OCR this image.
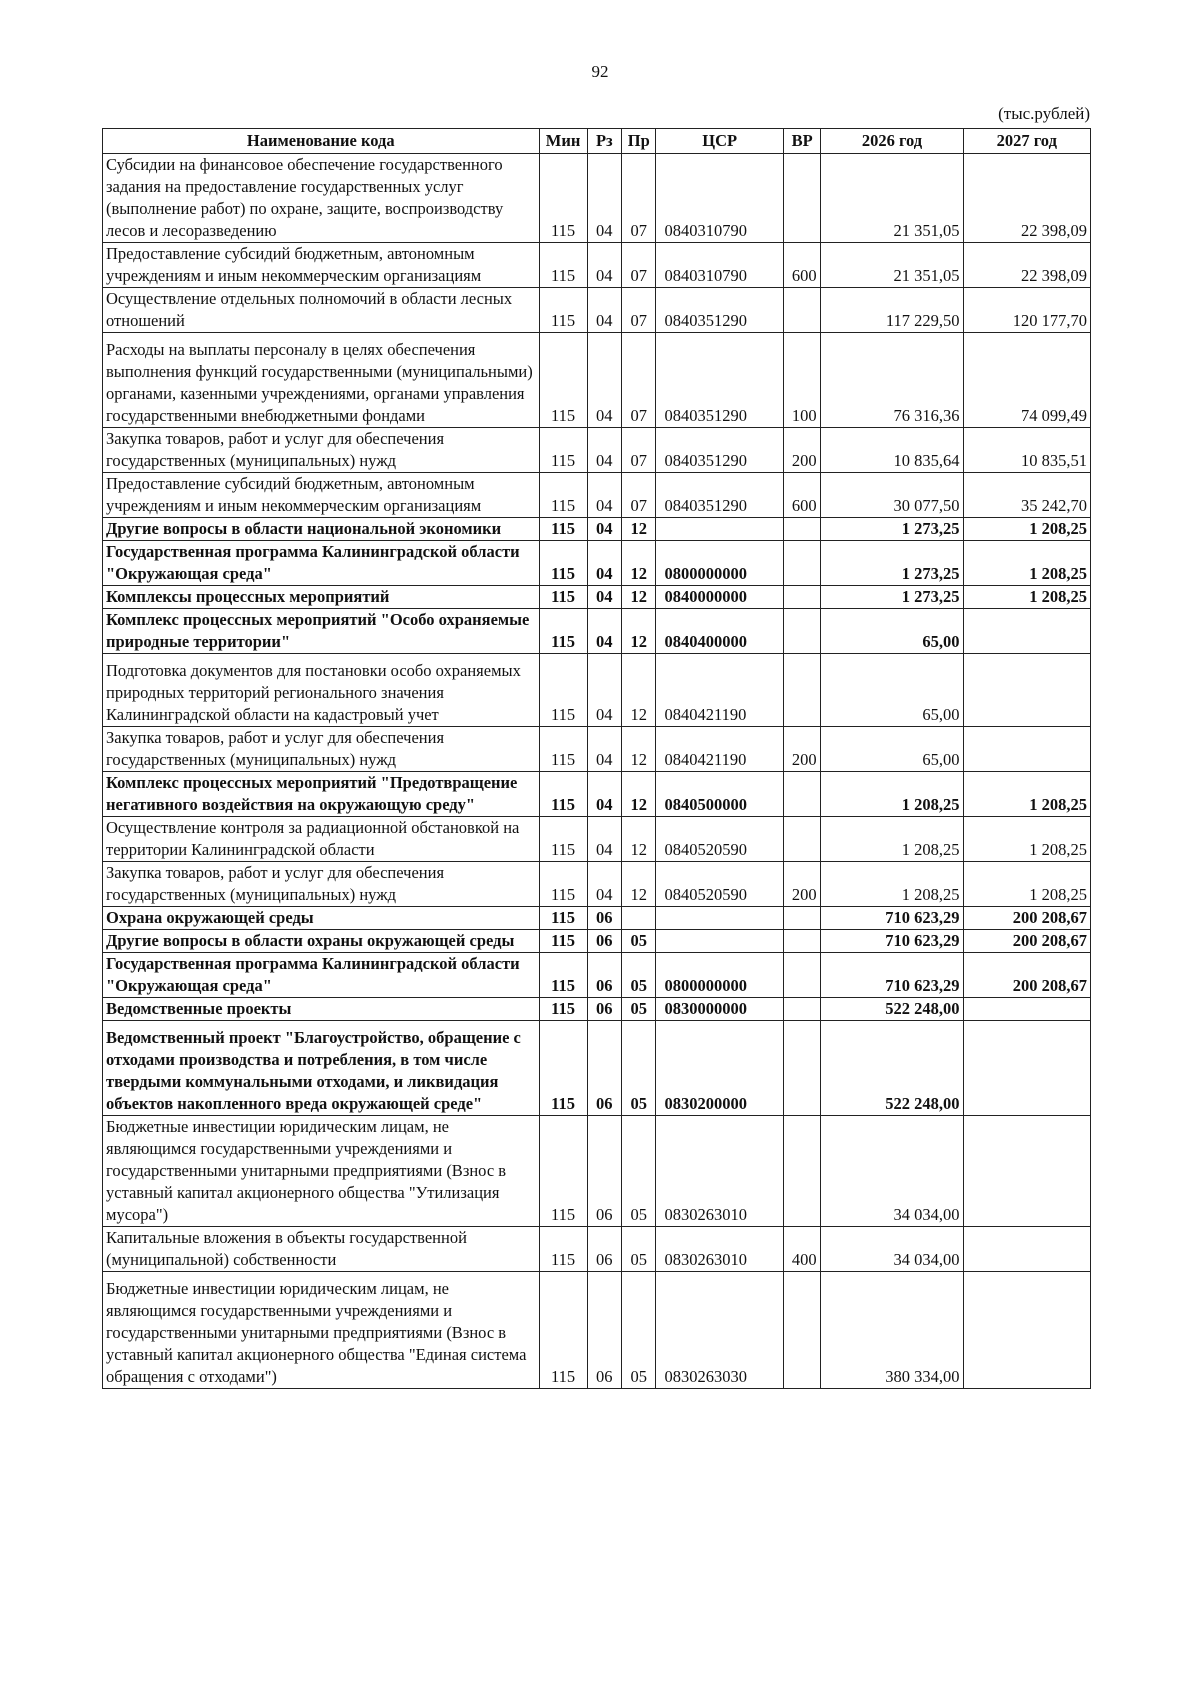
92
(тыс.рублей)
Наименование кода	Мин	Рз	Пр	ЦСР	ВР	2026 год	2027 год
Субсидии на финансовое обеспечение государственного задания на предоставление государственных услуг (выполнение работ) по охране, защите, воспроизводству лесов и лесоразведению	115	04	07	0840310790		21 351,05	22 398,09
Предоставление субсидий бюджетным, автономным учреждениям и иным некоммерческим организациям	115	04	07	0840310790	600	21 351,05	22 398,09
Осуществление отдельных полномочий в области лесных отношений	115	04	07	0840351290		117 229,50	120 177,70
Расходы на выплаты персоналу в целях обеспечения выполнения функций государственными (муниципальными) органами, казенными учреждениями, органами управления государственными внебюджетными фондами	115	04	07	0840351290	100	76 316,36	74 099,49
Закупка товаров, работ и услуг для обеспечения государственных (муниципальных) нужд	115	04	07	0840351290	200	10 835,64	10 835,51
Предоставление субсидий бюджетным, автономным учреждениям и иным некоммерческим организациям	115	04	07	0840351290	600	30 077,50	35 242,70
Другие вопросы в области национальной экономики	115	04	12			1 273,25	1 208,25
Государственная программа Калининградской области "Окружающая среда"	115	04	12	0800000000		1 273,25	1 208,25
Комплексы процессных мероприятий	115	04	12	0840000000		1 273,25	1 208,25
Комплекс процессных мероприятий "Особо охраняемые природные территории"	115	04	12	0840400000		65,00	
Подготовка документов для постановки особо охраняемых природных территорий регионального значения Калининградской области на кадастровый учет	115	04	12	0840421190		65,00	
Закупка товаров, работ и услуг для обеспечения государственных (муниципальных) нужд	115	04	12	0840421190	200	65,00	
Комплекс процессных мероприятий "Предотвращение негативного воздействия на окружающую среду"	115	04	12	0840500000		1 208,25	1 208,25
Осуществление контроля за радиационной обстановкой на территории Калининградской области	115	04	12	0840520590		1 208,25	1 208,25
Закупка товаров, работ и услуг для обеспечения государственных (муниципальных) нужд	115	04	12	0840520590	200	1 208,25	1 208,25
Охрана окружающей среды	115	06				710 623,29	200 208,67
Другие вопросы в области охраны окружающей среды	115	06	05			710 623,29	200 208,67
Государственная программа Калининградской области "Окружающая среда"	115	06	05	0800000000		710 623,29	200 208,67
Ведомственные проекты	115	06	05	0830000000		522 248,00	
Ведомственный проект "Благоустройство, обращение с отходами производства и потребления, в том числе твердыми коммунальными отходами, и ликвидация объектов накопленного вреда окружающей среде"	115	06	05	0830200000		522 248,00	
Бюджетные инвестиции юридическим лицам, не являющимся государственными учреждениями и государственными унитарными предприятиями (Взнос в уставный капитал акционерного общества "Утилизация мусора")	115	06	05	0830263010		34 034,00	
Капитальные вложения в объекты государственной (муниципальной) собственности	115	06	05	0830263010	400	34 034,00	
Бюджетные инвестиции юридическим лицам, не являющимся государственными учреждениями и государственными унитарными предприятиями (Взнос в уставный капитал акционерного общества "Единая система обращения с отходами")	115	06	05	0830263030		380 334,00	
